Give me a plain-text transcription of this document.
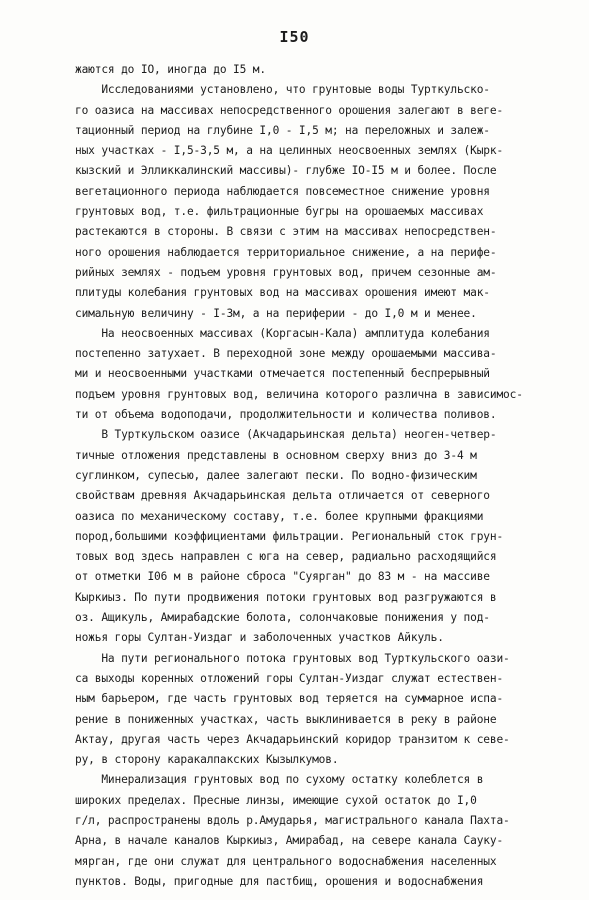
I50
жаются до IO, иногда до I5 м.
Исследованиями установлено, что грунтовые воды Турткульско-
го оазиса на массивах непосредственного орошения залегают в веге-
тационный период на глубине I,0 - I,5 м; на переложных и залеж-
ных участках - I,5-3,5 м, а на целинных неосвоенных землях (Кырк-
кызский и Элликкалинский массивы)- глубже IO-I5 м и более. После
вегетационного периода наблюдается повсеместное снижение уровня
грунтовых вод, т.е. фильтрационные бугры на орошаемых массивах
растекаются в стороны. В связи с этим на массивах непосредствен-
ного орошения наблюдается территориальное снижение, а на перифе-
рийных землях - подъем уровня грунтовых вод, причем сезонные ам-
плитуды колебания грунтовых вод на массивах орошения имеют мак-
симальную величину - I-3м, а на периферии - до I,0 м и менее.
На неосвоенных массивах (Коргасын-Кала) амплитуда колебания
постепенно затухает. В переходной зоне между орошаемыми массива-
ми и неосвоенными участками отмечается постепенный беспрерывный
подъем уровня грунтовых вод, величина которого различна в зависимос-
ти от объема водоподачи, продолжительности и количества поливов.
В Турткульском оазисе (Акчадарьинская дельта) неоген-четвер-
тичные отложения представлены в основном сверху вниз до 3-4 м
суглинком, супесью, далее залегают пески. По водно-физическим
свойствам древняя Акчадарьинская дельта отличается от северного
оазиса по механическому составу, т.е. более крупными фракциями
пород,большими коэффициентами фильтрации. Региональный сток грун-
товых вод здесь направлен с юга на север, радиально расходящийся
от отметки I06 м в районе сброса "Суярган" до 83 м - на массиве
Кыркиыз. По пути продвижения потоки грунтовых вод разгружаются в
оз. Ащикуль, Амирабадские болота, солончаковые понижения у под-
ножья горы Султан-Уиздаг и заболоченных участков Айкуль.
На пути регионального потока грунтовых вод Турткульского оази-
са выходы коренных отложений горы Султан-Уиздаг служат естествен-
ным барьером, где часть грунтовых вод теряется на суммарное испа-
рение в пониженных участках, часть выклинивается в реку в районе
Актау, другая часть через Акчадарьинский коридор транзитом к севе-
ру, в сторону каракалпакских Кызылкумов.
Минерализация грунтовых вод по сухому остатку колеблется в
широких пределах. Пресные линзы, имеющие сухой остаток до I,0
г/л, распространены вдоль р.Амударья, магистрального канала Пахта-
Арна, в начале каналов Кыркиыз, Амирабад, на севере канала Сауку-
мярган, где они служат для центрального водоснабжения населенных
пунктов. Воды, пригодные для пастбищ, орошения и водоснабжения
